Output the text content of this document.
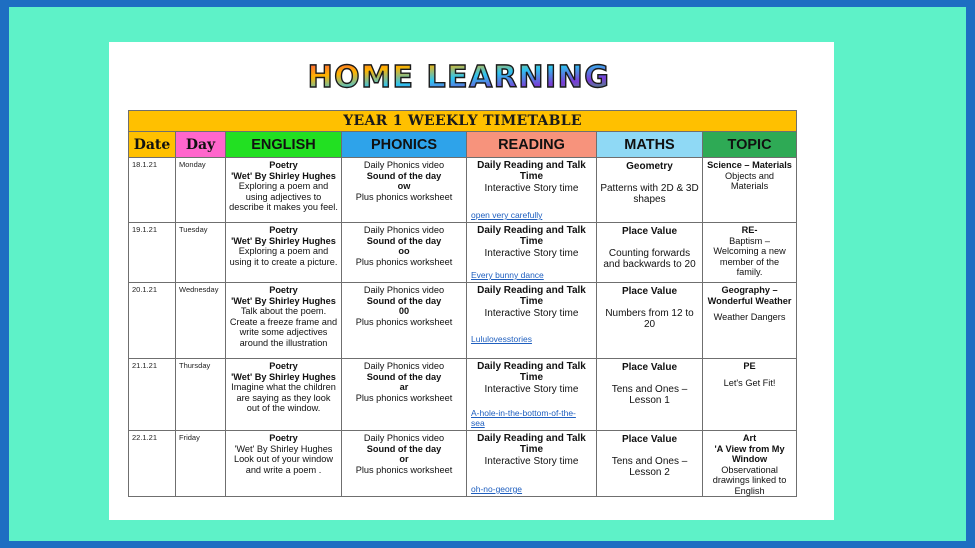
HOME LEARNING
YEAR 1 WEEKLY TIMETABLE						
Date	Day	ENGLISH	PHONICS	READING	MATHS	TOPIC
18.1.21	Monday	Poetry
'Wet' By Shirley Hughes
Exploring a poem and using adjectives to describe it makes you feel.	Daily Phonics video
Sound of the day
ow
Plus phonics worksheet	Daily Reading and Talk Time
Interactive Story time
open very carefully	Geometry
Patterns with 2D & 3D shapes	Science – Materials
Objects and Materials

19.1.21	Tuesday	Poetry
'Wet' By Shirley Hughes
Exploring a poem and using it to create a picture.	Daily Phonics video
Sound of the day
oo
Plus phonics worksheet	Daily Reading and Talk Time
Interactive Story time
Every bunny dance	Place Value
Counting forwards and backwards to 20	RE-
Baptism – Welcoming a new member of the family.

20.1.21	Wednesday	Poetry
'Wet' By Shirley Hughes
Talk about the poem. Create a freeze frame and write some adjectives around the illustration	Daily Phonics video
Sound of the day
00
Plus phonics worksheet	Daily Reading and Talk Time
Interactive Story time
Lululovesstories	Place Value
Numbers from 12 to 20	Geography – Wonderful Weather
Weather Dangers

21.1.21	Thursday	Poetry
'Wet' By Shirley Hughes
Imagine what the children are saying as they look out of the window.	Daily Phonics video
Sound of the day
ar
Plus phonics worksheet	Daily Reading and Talk Time
Interactive Story time
A-hole-in-the-bottom-of-the-sea	Place Value
Tens and Ones – Lesson 1	PE
Let's Get Fit!

22.1.21	Friday	Poetry
'Wet' By Shirley Hughes
Look out of your window and write a poem .	Daily Phonics video
Sound of the day
or
Plus phonics worksheet	Daily Reading and Talk Time
Interactive Story time
oh-no-george	Place Value
Tens and Ones – Lesson 2	Art
'A View from My Window
Observational drawings linked to English
